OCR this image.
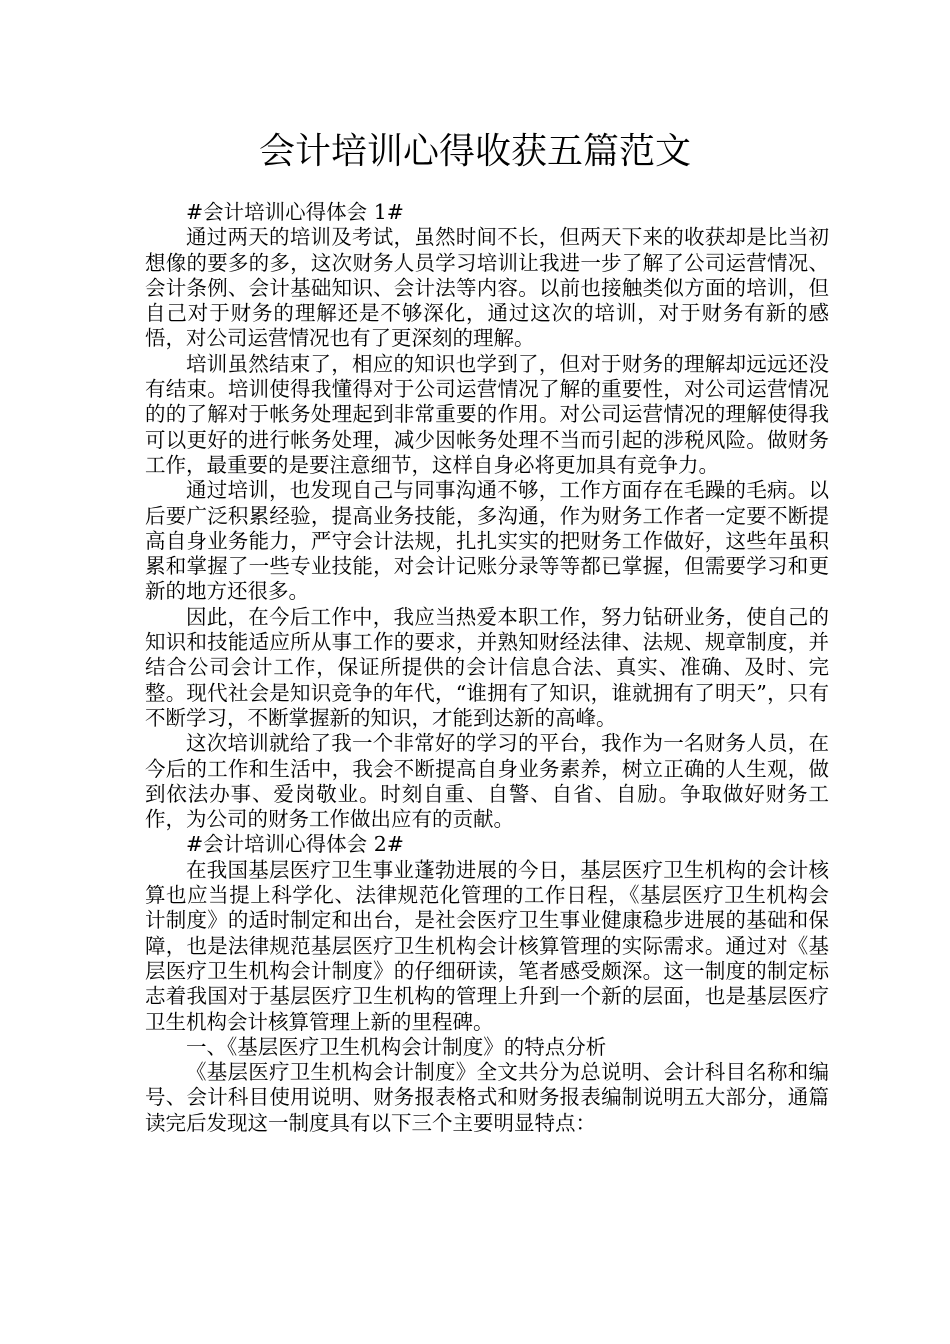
会计培训心得收获五篇范文

#会计培训心得体会 1#

通过两天的培训及考试，虽然时间不长，但两天下来的收获却是比当初想像的要多的多，这次财务人员学习培训让我进一步了解了公司运营情况、会计条例、会计基础知识、会计法等内容。以前也接触类似方面的培训，但自己对于财务的理解还是不够深化，通过这次的培训，对于财务有新的感悟，对公司运营情况也有了更深刻的理解。

培训虽然结束了，相应的知识也学到了，但对于财务的理解却远远还没有结束。培训使得我懂得对于公司运营情况了解的重要性，对公司运营情况的的了解对于帐务处理起到非常重要的作用。对公司运营情况的理解使得我可以更好的进行帐务处理，减少因帐务处理不当而引起的涉税风险。做财务工作，最重要的是要注意细节，这样自身必将更加具有竞争力。

通过培训，也发现自己与同事沟通不够，工作方面存在毛躁的毛病。以后要广泛积累经验，提高业务技能，多沟通，作为财务工作者一定要不断提高自身业务能力，严守会计法规，扎扎实实的把财务工作做好，这些年虽积累和掌握了一些专业技能，对会计记账分录等等都已掌握，但需要学习和更新的地方还很多。

因此，在今后工作中，我应当热爱本职工作，努力钻研业务，使自己的知识和技能适应所从事工作的要求，并熟知财经法律、法规、规章制度，并结合公司会计工作，保证所提供的会计信息合法、真实、准确、及时、完整。现代社会是知识竞争的年代，“谁拥有了知识，谁就拥有了明天”，只有不断学习，不断掌握新的知识，才能到达新的高峰。

这次培训就给了我一个非常好的学习的平台，我作为一名财务人员，在今后的工作和生活中，我会不断提高自身业务素养，树立正确的人生观，做到依法办事、爱岗敬业。时刻自重、自警、自省、自励。争取做好财务工作，为公司的财务工作做出应有的贡献。

#会计培训心得体会 2#

在我国基层医疗卫生事业蓬勃进展的今日，基层医疗卫生机构的会计核算也应当提上科学化、法律规范化管理的工作日程，《基层医疗卫生机构会计制度》的适时制定和出台，是社会医疗卫生事业健康稳步进展的基础和保障，也是法律规范基层医疗卫生机构会计核算管理的实际需求。通过对《基层医疗卫生机构会计制度》的仔细研读，笔者感受颇深。这一制度的制定标志着我国对于基层医疗卫生机构的管理上升到一个新的层面，也是基层医疗卫生机构会计核算管理上新的里程碑。

一、《基层医疗卫生机构会计制度》的特点分析

《基层医疗卫生机构会计制度》全文共分为总说明、会计科目名称和编号、会计科目使用说明、财务报表格式和财务报表编制说明五大部分，通篇读完后发现这一制度具有以下三个主要明显特点：
